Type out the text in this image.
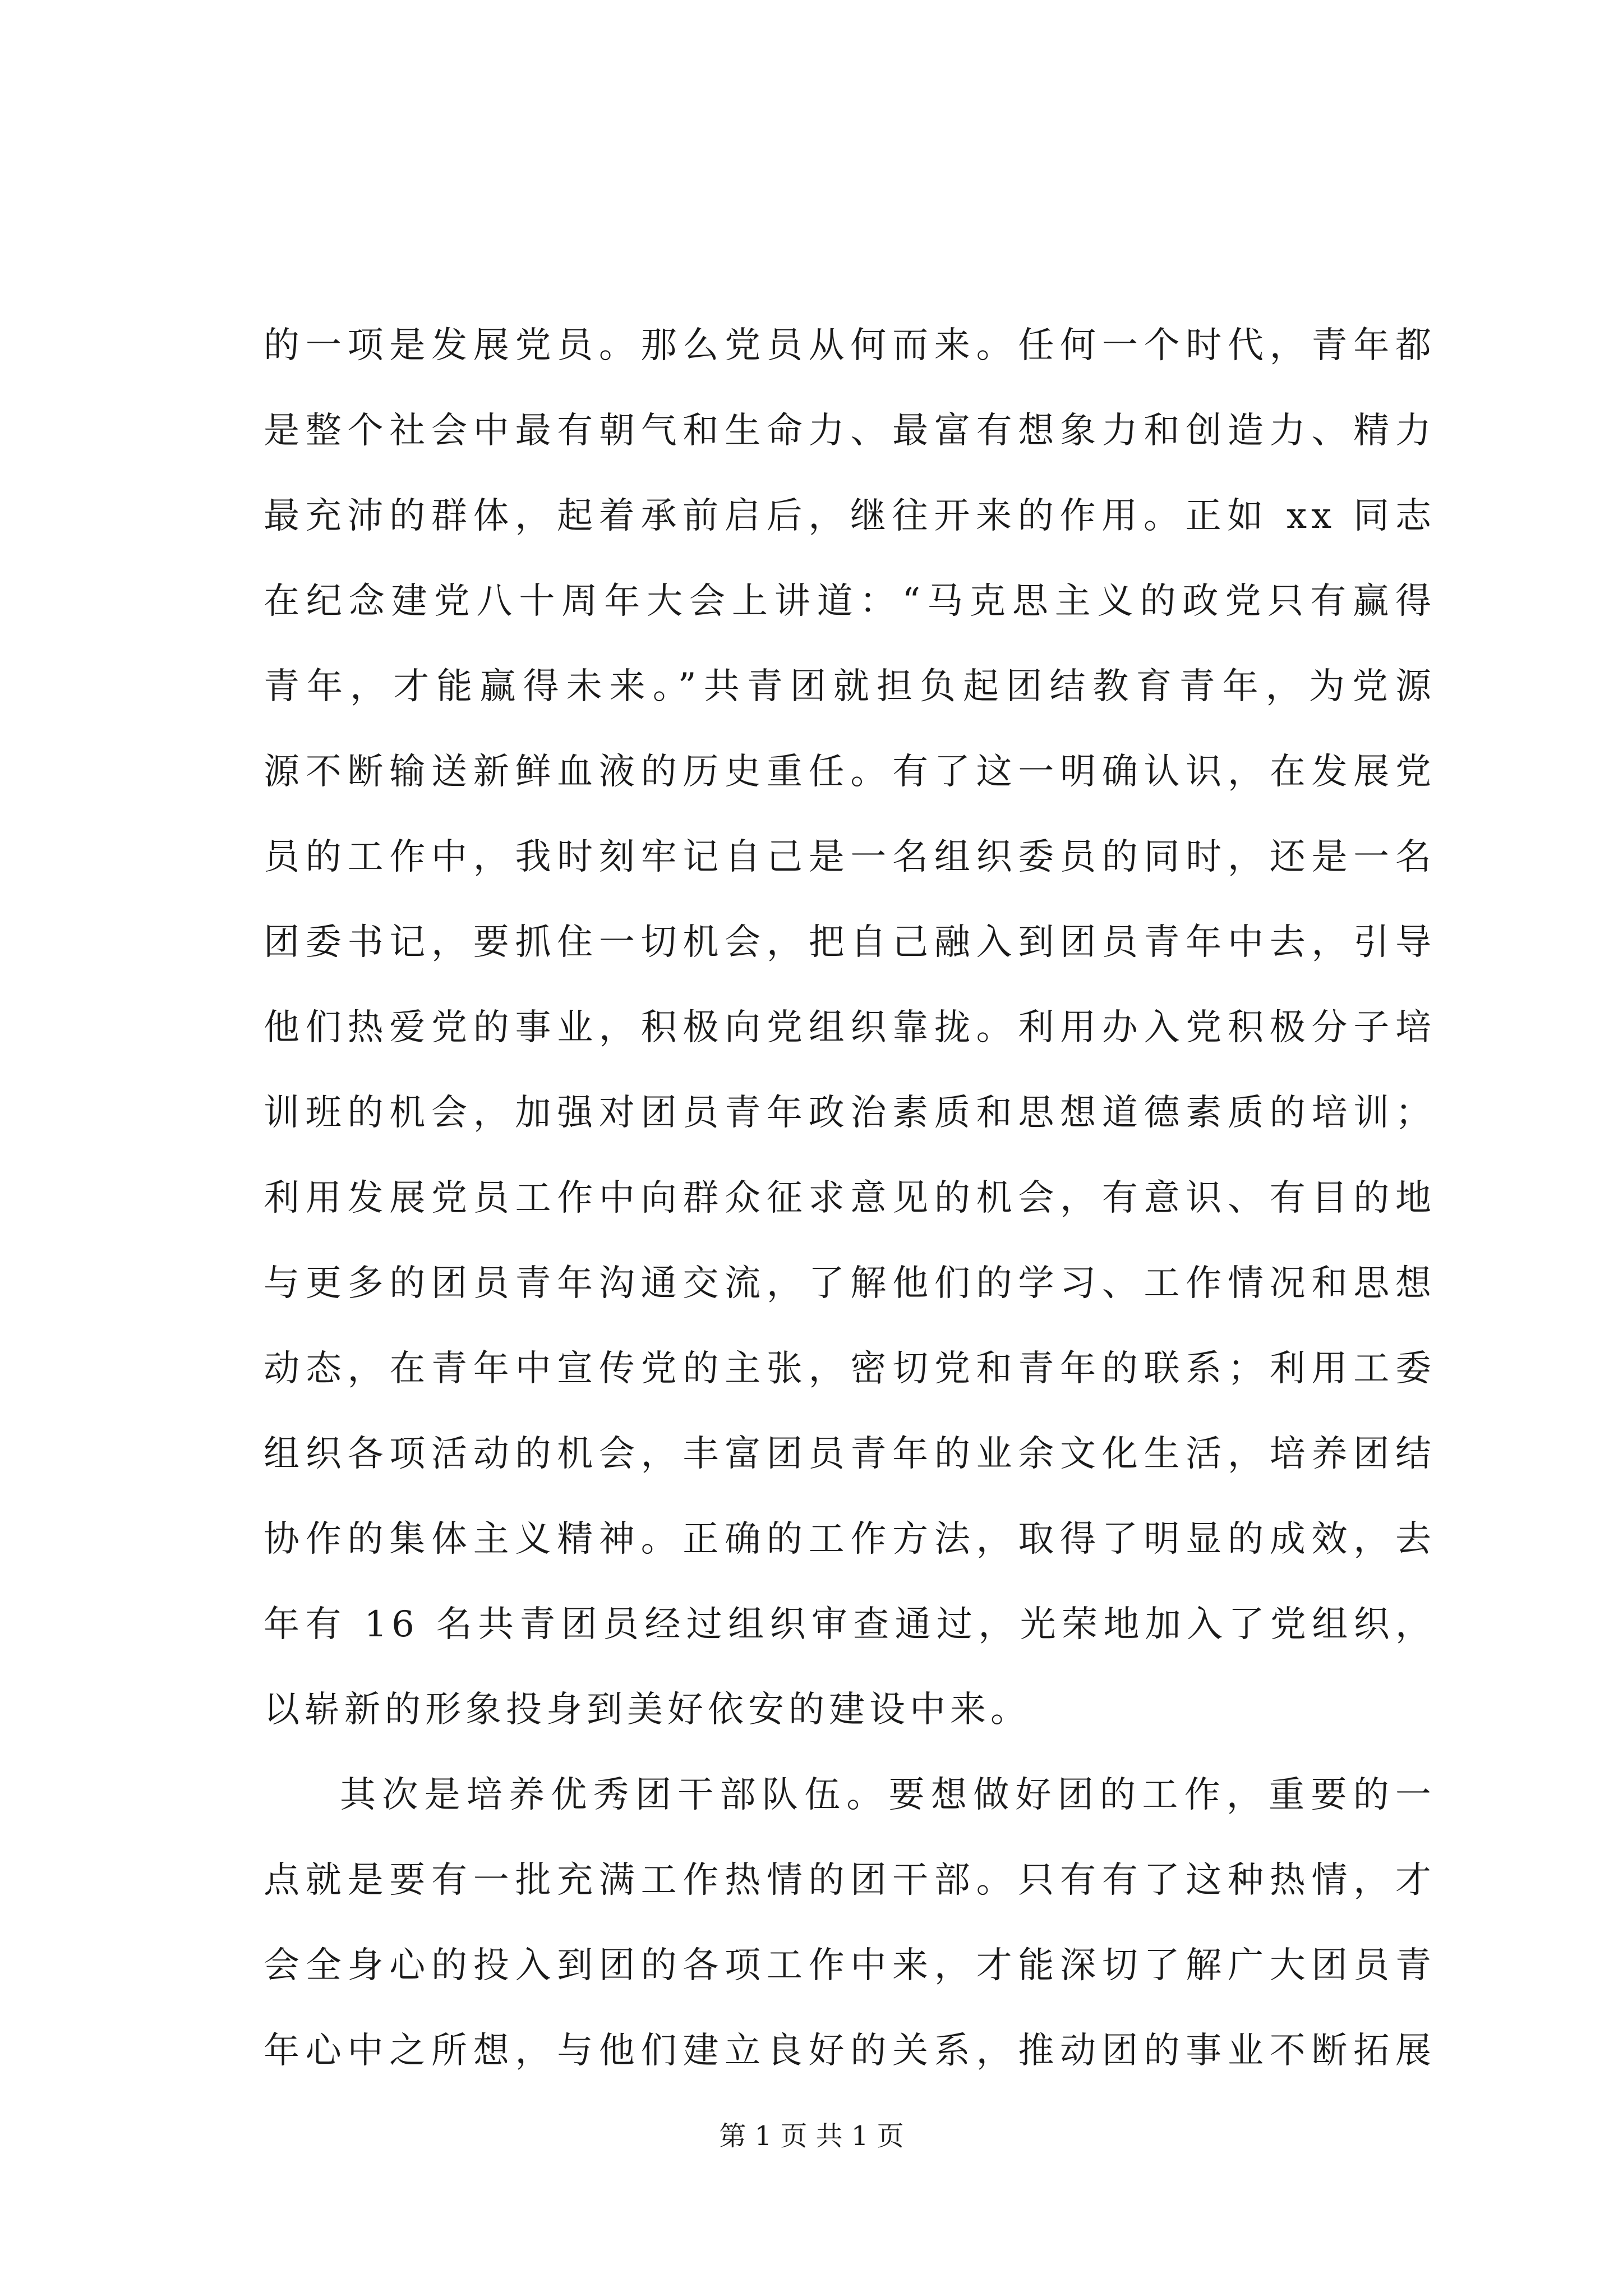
的一项是发展党员。那么党员从何而来。任何一个时代，青年都
是整个社会中最有朝气和生命力、最富有想象力和创造力、精力
最充沛的群体，起着承前启后，继往开来的作用。正如 xx 同志
在纪念建党八十周年大会上讲道：“马克思主义的政党只有赢得
青年，才能赢得未来。”共青团就担负起团结教育青年，为党源
源不断输送新鲜血液的历史重任。有了这一明确认识，在发展党
员的工作中，我时刻牢记自己是一名组织委员的同时，还是一名
团委书记，要抓住一切机会，把自己融入到团员青年中去，引导
他们热爱党的事业，积极向党组织靠拢。利用办入党积极分子培
训班的机会，加强对团员青年政治素质和思想道德素质的培训；
利用发展党员工作中向群众征求意见的机会，有意识、有目的地
与更多的团员青年沟通交流，了解他们的学习、工作情况和思想
动态，在青年中宣传党的主张，密切党和青年的联系；利用工委
组织各项活动的机会，丰富团员青年的业余文化生活，培养团结
协作的集体主义精神。正确的工作方法，取得了明显的成效，去
年有 16 名共青团员经过组织审查通过，光荣地加入了党组织，
以崭新的形象投身到美好依安的建设中来。
其次是培养优秀团干部队伍。要想做好团的工作，重要的一
点就是要有一批充满工作热情的团干部。只有有了这种热情，才
会全身心的投入到团的各项工作中来，才能深切了解广大团员青
年心中之所想，与他们建立良好的关系，推动团的事业不断拓展
第 1 页 共 1 页
